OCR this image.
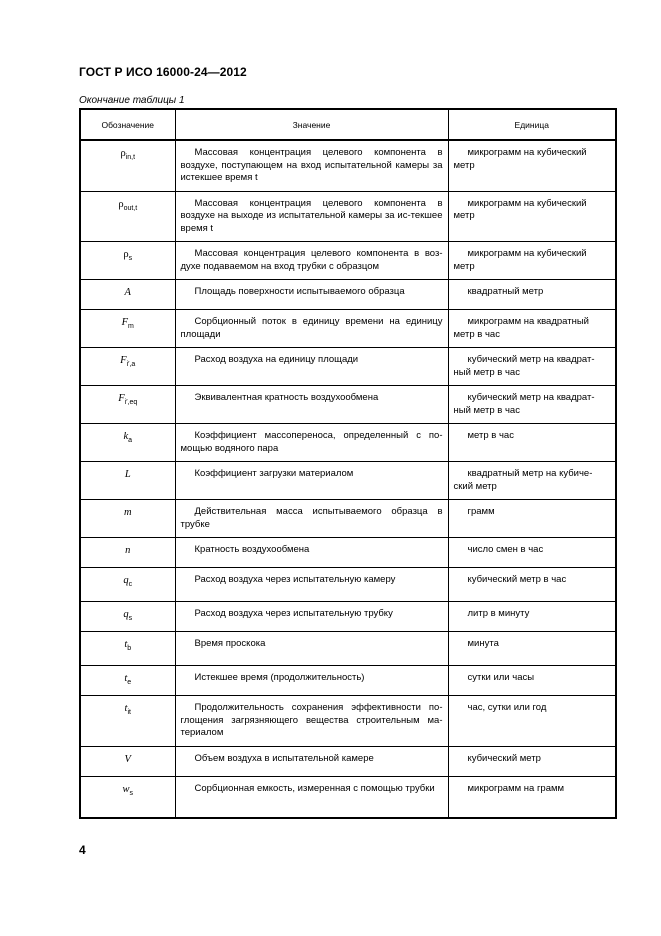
ГОСТ Р ИСО 16000-24—2012
Окончание таблицы 1
Обозначение	Значение	Единица
$\rho_{in,t}$	Массовая концентрация целевого компонента в воздухе, поступающем на вход испытательной камеры за истекшее время t	микрограмм на кубический метр
$\rho_{out,t}$	Массовая концентрация целевого компонента в воздухе на выходе из испытательной камеры за ис-текшее время t	микрограмм на кубический метр
$\rho_s$	Массовая концентрация целевого компонента в воз-духе подаваемом на вход трубки с образцом	микрограмм на кубический метр
A	Площадь поверхности испытываемого образца	квадратный метр
$F_m$	Сорбционный поток в единицу времени на единицу площади	микрограмм на квадратный метр в час
$F_{i',a}$	Расход воздуха на единицу площади	кубический метр на квадрат-ный метр в час
$F_{i',eq}$	Эквивалентная кратность воздухообмена	кубический метр на квадрат-ный метр в час
$k_a$	Коэффициент массопереноса, определенный с по-мощью водяного пара	метр в час
L	Коэффициент загрузки материалом	квадратный метр на кубиче-ский метр
m	Действительная масса испытываемого образца в трубке	грамм
n	Кратность воздухообмена	число смен в час
$q_c$	Расход воздуха через испытательную камеру	кубический метр в час
$q_s$	Расход воздуха через испытательную трубку	литр в минуту
$t_b$	Время проскока	минута
$t_e$	Истекшее время (продолжительность)	сутки или часы
$t_{it}$	Продолжительность сохранения эффективности по-глощения загрязняющего вещества строительным ма-териалом	час, сутки или год
V	Объем воздуха в испытательной камере	кубический метр
$w_s$	Сорбционная емкость, измеренная с помощью трубки	микрограмм на грамм
4
